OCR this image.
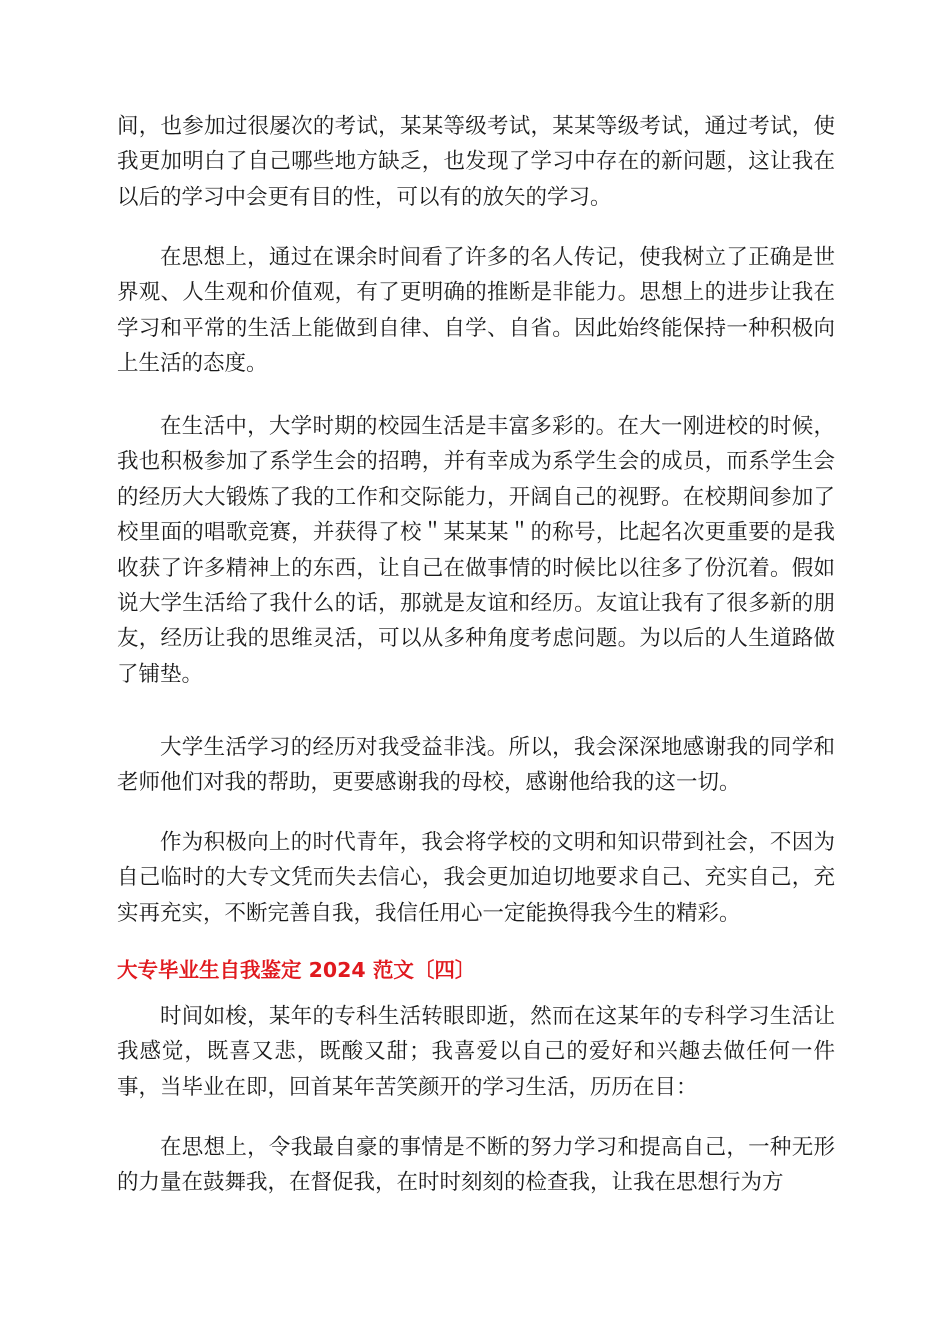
间，也参加过很屡次的考试，某某等级考试，某某等级考试，通过考试，使我更加明白了自己哪些地方缺乏，也发现了学习中存在的新问题，这让我在以后的学习中会更有目的性，可以有的放矢的学习。

在思想上，通过在课余时间看了许多的名人传记，使我树立了正确是世界观、人生观和价值观，有了更明确的推断是非能力。思想上的进步让我在学习和平常的生活上能做到自律、自学、自省。因此始终能保持一种积极向上生活的态度。

在生活中，大学时期的校园生活是丰富多彩的。在大一刚进校的时候，我也积极参加了系学生会的招聘，并有幸成为系学生会的成员，而系学生会的经历大大锻炼了我的工作和交际能力，开阔自己的视野。在校期间参加了校里面的唱歌竞赛，并获得了校＂某某某＂的称号，比起名次更重要的是我收获了许多精神上的东西，让自己在做事情的时候比以往多了份沉着。假如说大学生活给了我什么的话，那就是友谊和经历。友谊让我有了很多新的朋友，经历让我的思维灵活，可以从多种角度考虑问题。为以后的人生道路做了铺垫。

大学生活学习的经历对我受益非浅。所以，我会深深地感谢我的同学和老师他们对我的帮助，更要感谢我的母校，感谢他给我的这一切。

作为积极向上的时代青年，我会将学校的文明和知识带到社会，不因为自己临时的大专文凭而失去信心，我会更加迫切地要求自己、充实自己，充实再充实，不断完善自我，我信任用心一定能换得我今生的精彩。

大专毕业生自我鉴定 2024 范文〔四〕

时间如梭，某年的专科生活转眼即逝，然而在这某年的专科学习生活让我感觉，既喜又悲，既酸又甜；我喜爱以自己的爱好和兴趣去做任何一件事，当毕业在即，回首某年苦笑颜开的学习生活，历历在目：

在思想上，令我最自豪的事情是不断的努力学习和提高自己，一种无形的力量在鼓舞我，在督促我，在时时刻刻的检查我，让我在思想行为方
